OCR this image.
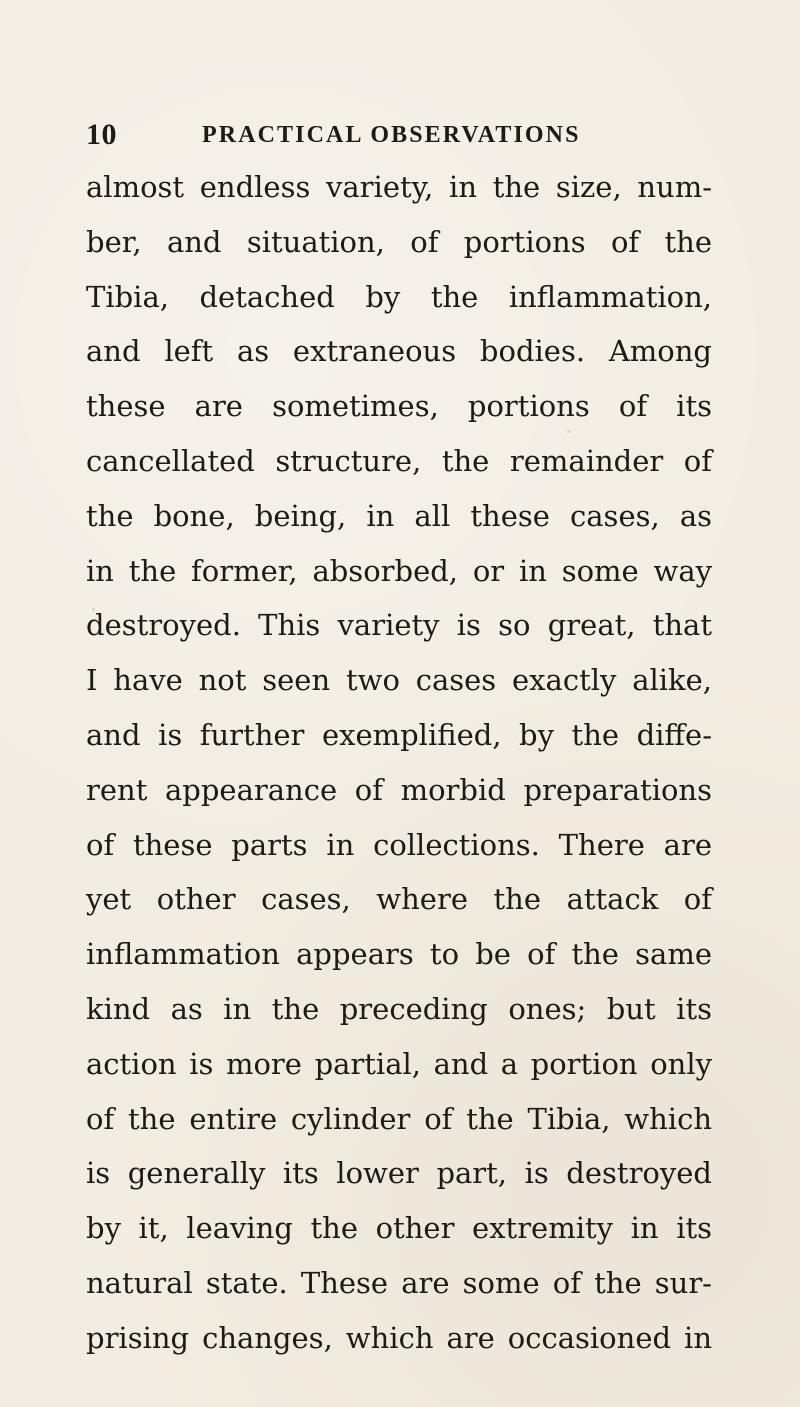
10	PRACTICAL OBSERVATIONS
almost endless variety, in the size, num-
ber, and situation, of portions of the
Tibia, detached by the inflammation,
and left as extraneous bodies. Among
these are sometimes, portions of its
cancellated structure, the remainder of
the bone, being, in all these cases, as
in the former, absorbed, or in some way
destroyed. This variety is so great, that
I have not seen two cases exactly alike,
and is further exemplified, by the diffe-
rent appearance of morbid preparations
of these parts in collections. There are
yet other cases, where the attack of
inflammation appears to be of the same
kind as in the preceding ones; but its
action is more partial, and a portion only
of the entire cylinder of the Tibia, which
is generally its lower part, is destroyed
by it, leaving the other extremity in its
natural state. These are some of the sur-
prising changes, which are occasioned in
